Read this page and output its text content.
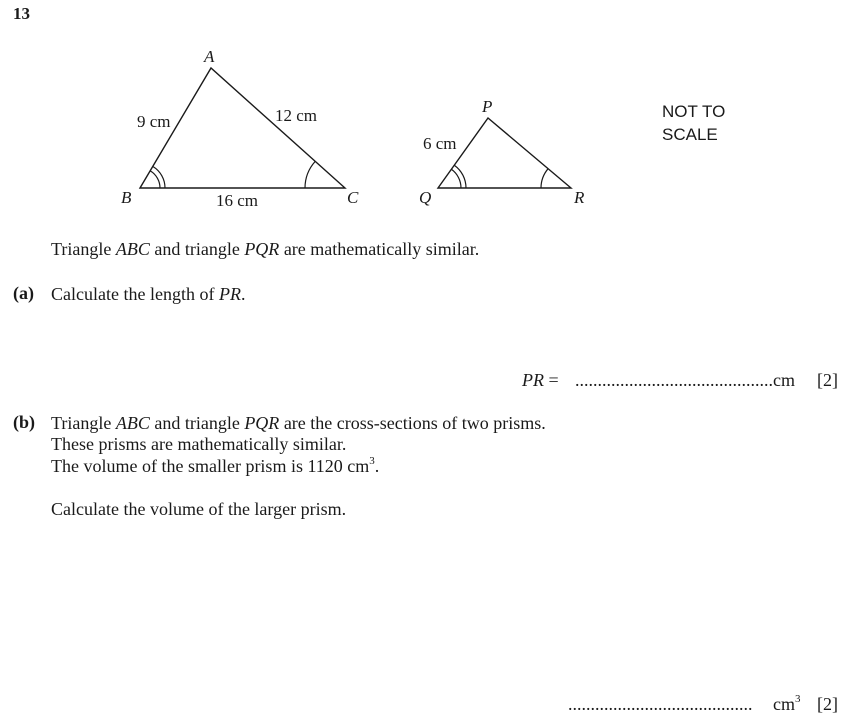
13
A
B	C
9 cm	12 cm
16 cm
P
Q	R
6 cm
NOT TO
SCALE
Triangle ABC and triangle PQR are mathematically similar.
(a) Calculate the length of PR.
PR = ............................................cm [2]
(b) Triangle ABC and triangle PQR are the cross-sections of two prisms.
These prisms are mathematically similar.
The volume of the smaller prism is 1120 $cm^3$.
Calculate the volume of the larger prism.
......................................... $cm^3$ [2]
